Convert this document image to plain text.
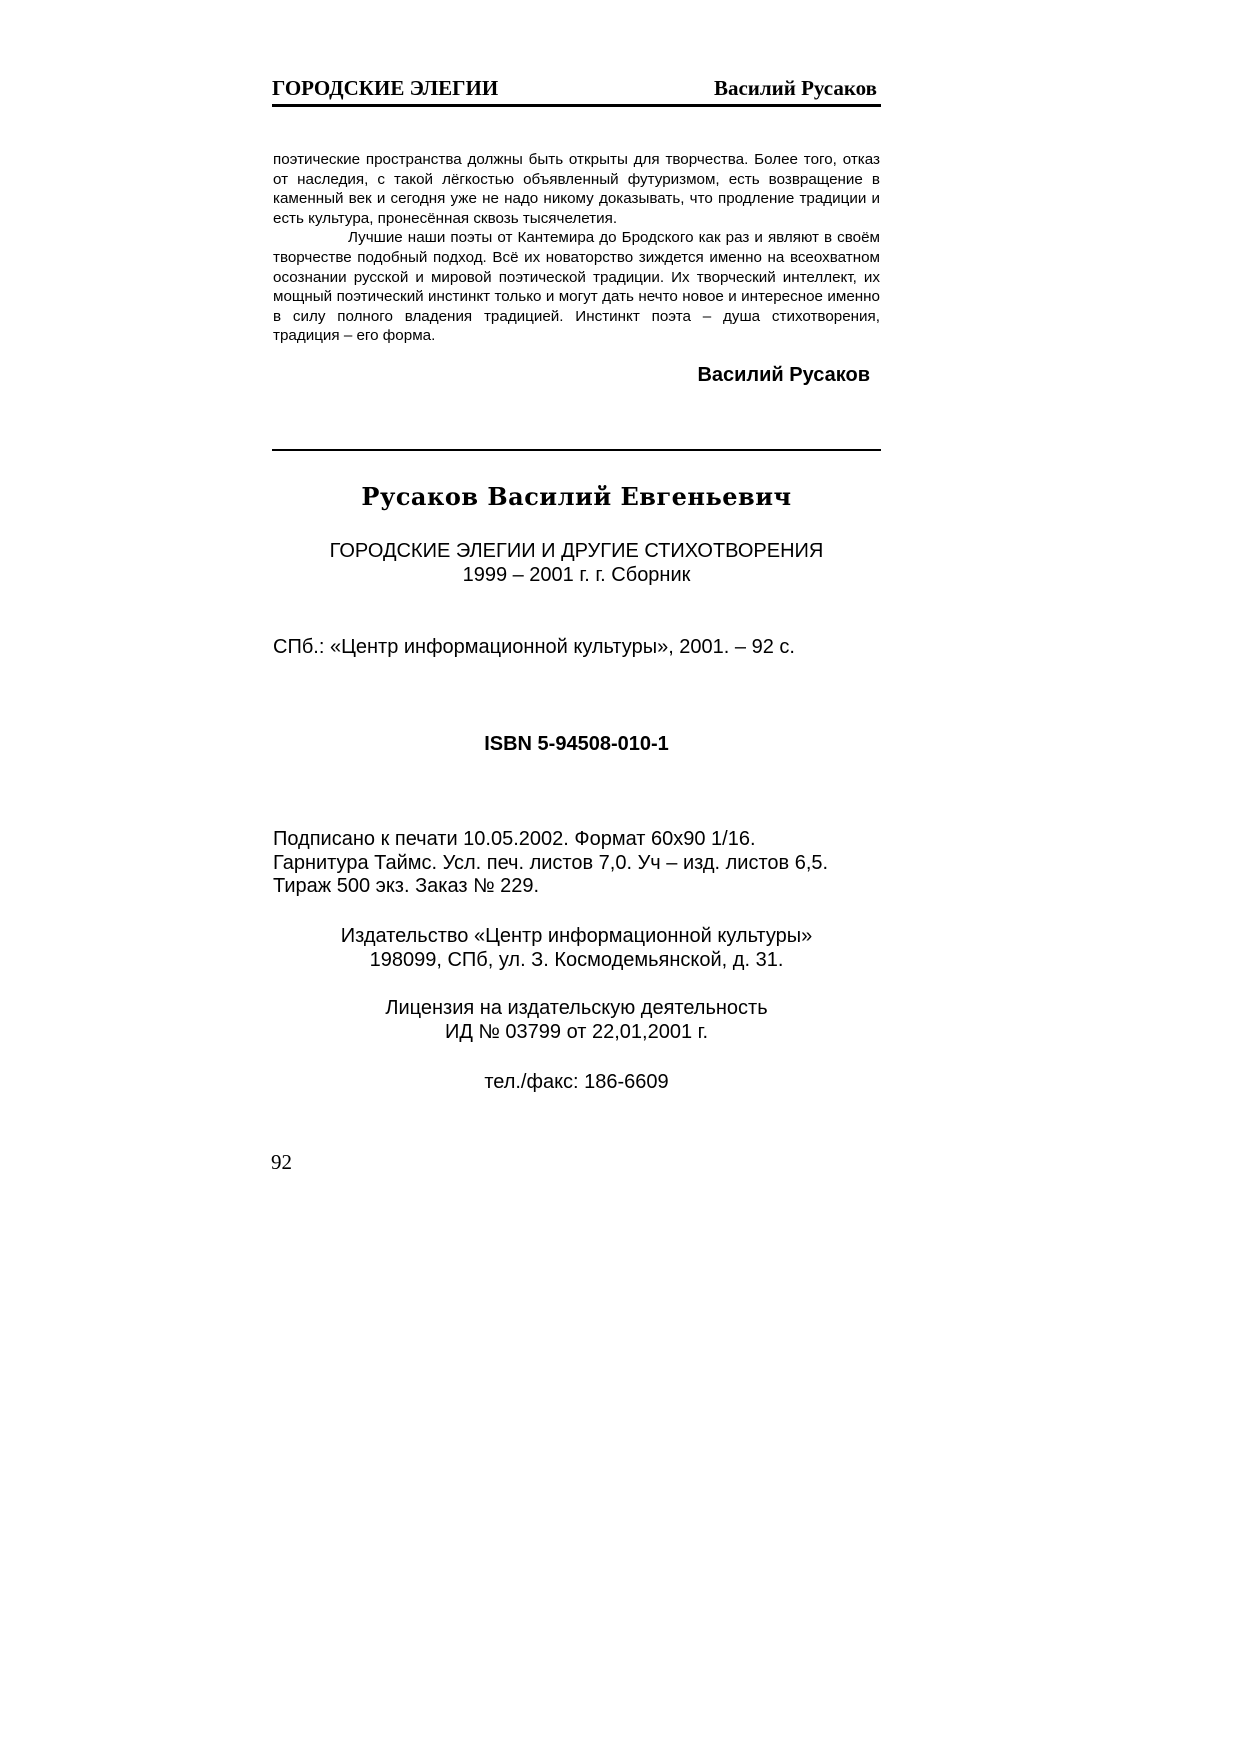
ГОРОДСКИЕ ЭЛЕГИИ	Василий Русаков

поэтические пространства должны быть открыты для творчества. Более того, отказ от наследия, с такой лёгкостью объявленный футуризмом, есть возвращение в каменный век и сегодня уже не надо никому доказывать, что продление традиции и есть культура, пронесённая сквозь тысячелетия.

Лучшие наши поэты от Кантемира до Бродского как раз и являют в своём творчестве подобный подход. Всё их новаторство зиждется именно на всеохватном осознании русской и мировой поэтической традиции. Их творческий интеллект, их мощный поэтический инстинкт только и могут дать нечто новое и интересное именно в силу полного владения традицией. Инстинкт поэта – душа стихотворения, традиция – его форма.

Василий Русаков
Русаков Василий Евгеньевич
ГОРОДСКИЕ ЭЛЕГИИ И ДРУГИЕ СТИХОТВОРЕНИЯ
1999 – 2001 г. г. Сборник
СПб.: «Центр информационной культуры», 2001. – 92 с.
ISBN 5-94508-010-1
Подписано к печати 10.05.2002. Формат 60х90 1/16.
Гарнитура Таймс. Усл. печ. листов 7,0. Уч – изд. листов 6,5.
Тираж 500 экз. Заказ № 229.
Издательство «Центр информационной культуры»
198099, СПб, ул. З. Космодемьянской, д. 31.
Лицензия на издательскую деятельность
ИД № 03799 от 22,01,2001 г.
тел./факс: 186-6609
92
